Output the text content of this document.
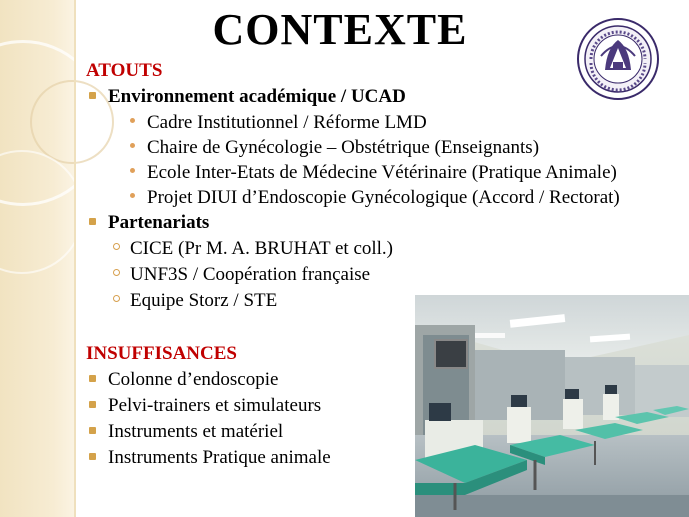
CONTEXTE
ATOUTS
Environnement académique / UCAD
Cadre Institutionnel / Réforme LMD
Chaire de Gynécologie – Obstétrique (Enseignants)
Ecole Inter-Etats de Médecine Vétérinaire (Pratique Animale)
Projet DIUI d’Endoscopie Gynécologique (Accord / Rectorat)
Partenariats
CICE (Pr M. A. BRUHAT et coll.)
UNF3S / Coopération française
Equipe Storz / STE
INSUFFISANCES
Colonne d’endoscopie
Pelvi-trainers et simulateurs
Instruments et matériel
Instruments Pratique animale
